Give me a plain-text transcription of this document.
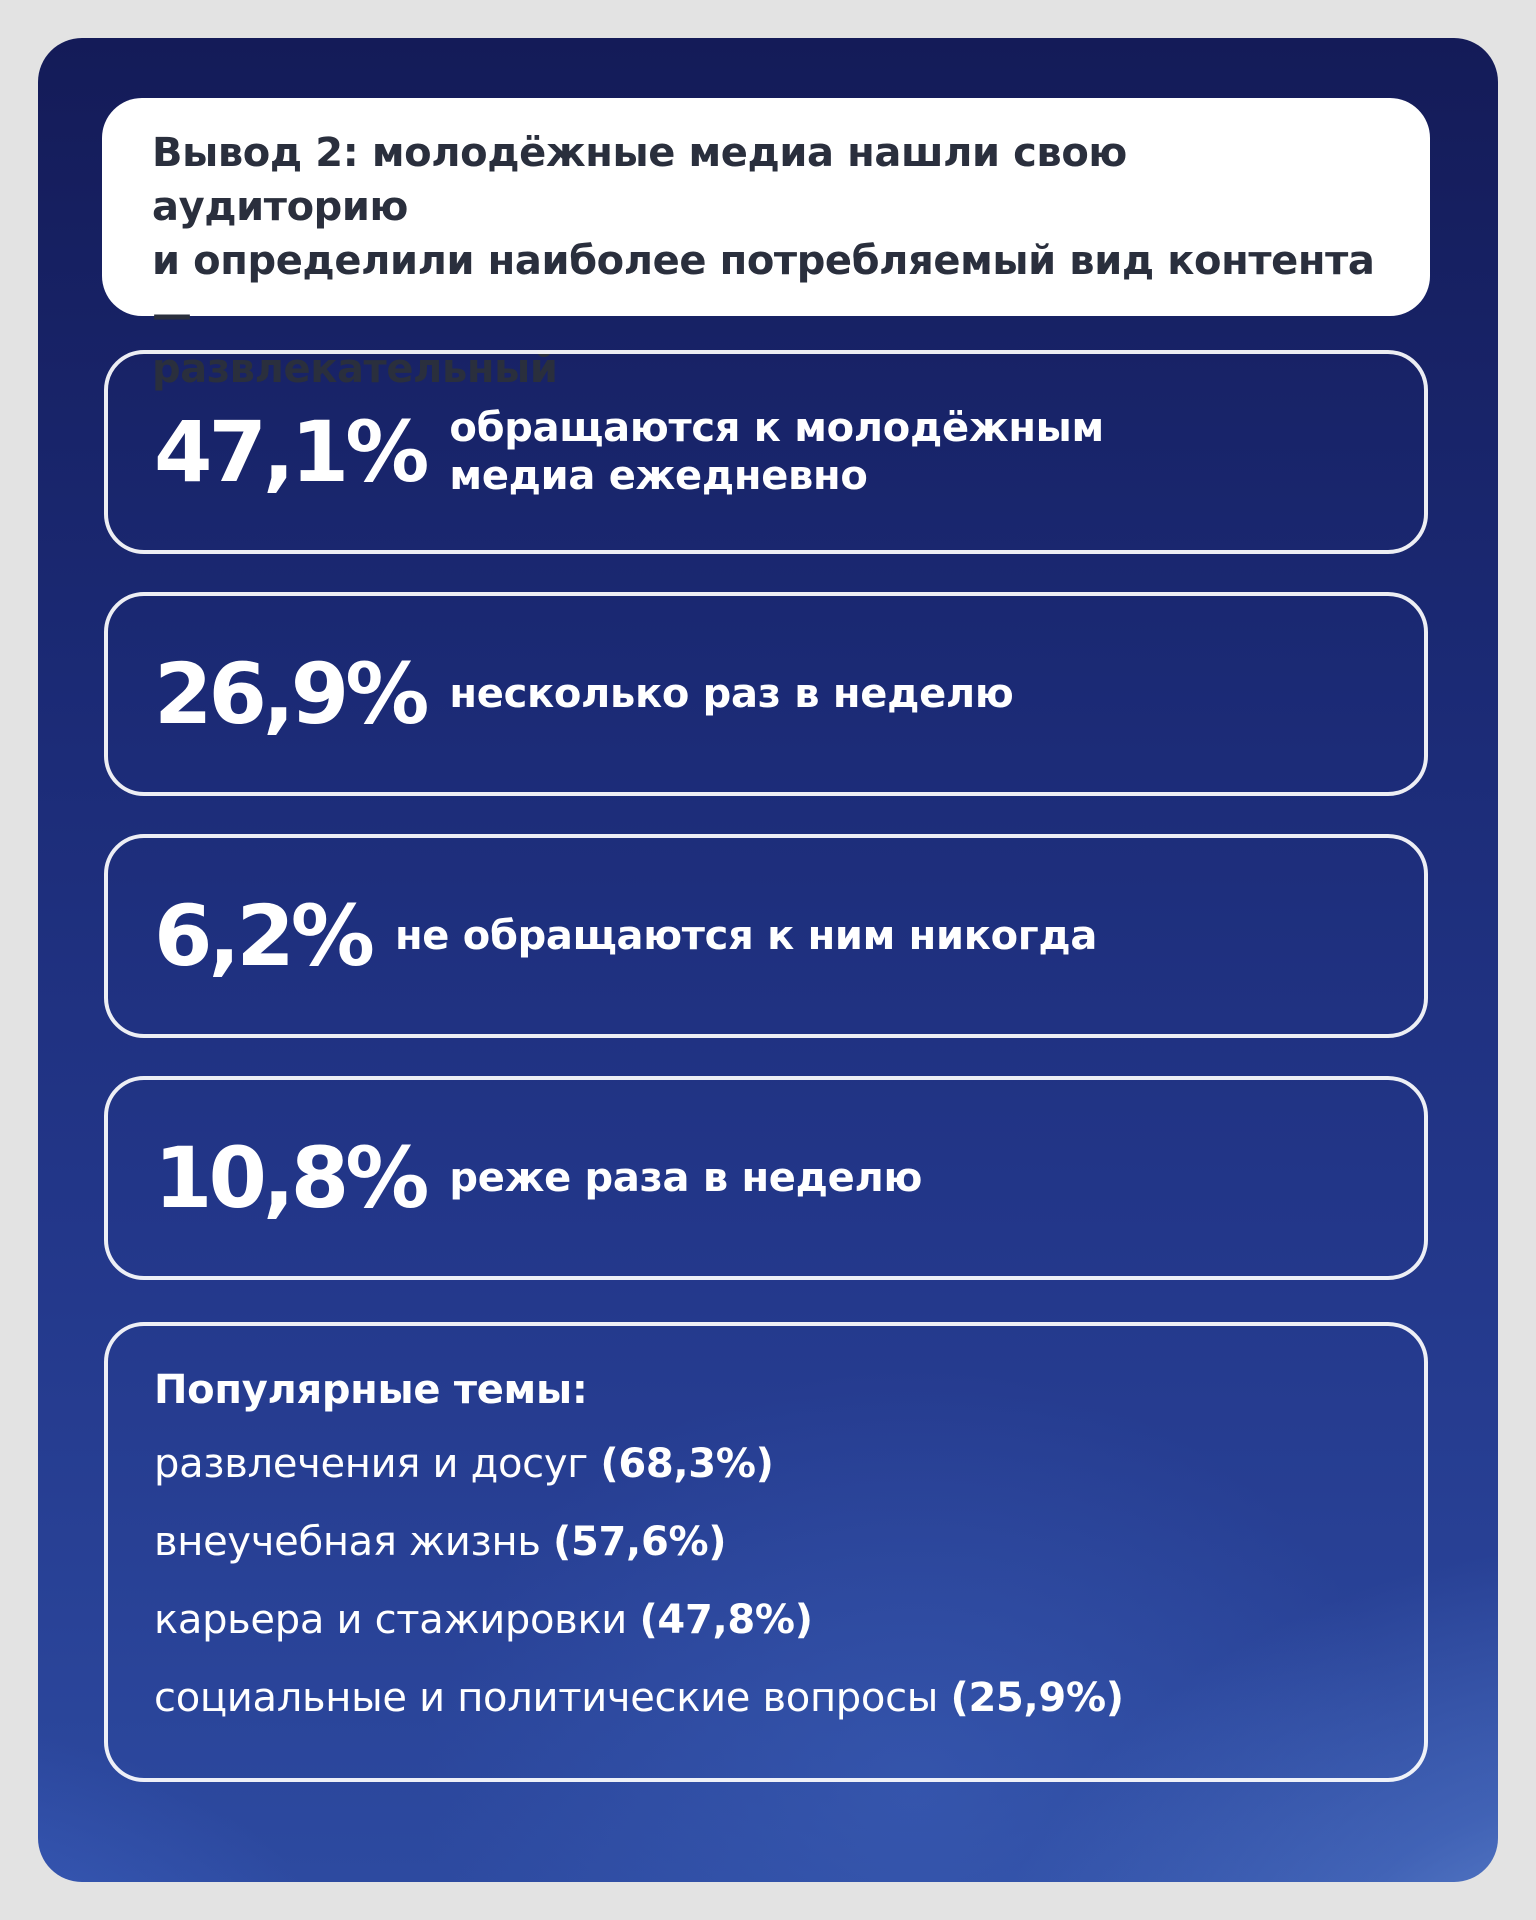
Вывод 2: молодёжные медиа нашли свою аудиторию
и определили наиболее потребляемый вид контента —
развлекательный
47,1% обращаются к молодёжным
медиа ежедневно
26,9% несколько раз в неделю
6,2% не обращаются к ним никогда
10,8% реже раза в неделю
Популярные темы:
развлечения и досуг (68,3%)
внеучебная жизнь (57,6%)
карьера и стажировки (47,8%)
социальные и политические вопросы (25,9%)
